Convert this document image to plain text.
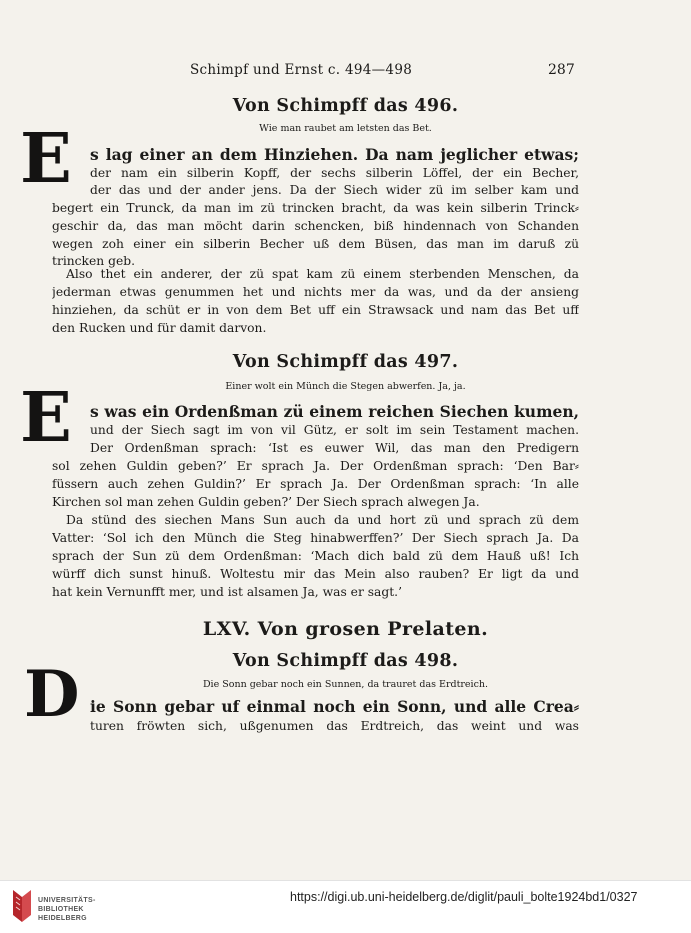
Schimpf und Ernst c. 494—498	287
Von Schimpff das 496.
Wie man raubet am letsten das Bet.
E s lag einer an dem Hinziehen. Da nam jeglicher etwas;
der nam ein silberin Kopff, der sechs silberin Löffel, der ein Becher,
der das und der ander jens. Da der Siech wider zü im selber kam und
begert ein Trunck, da man im zü trincken bracht, da was kein silberin Trinck⸗
geschir da, das man möcht darin schencken, biß hindennach von Schanden
wegen zoh einer ein silberin Becher uß dem Büsen, das man im daruß zü
trincken geb.
Also thet ein anderer, der zü spat kam zü einem sterbenden Menschen, da
jederman etwas genummen het und nichts mer da was, und da der ansieng
hinziehen, da schüt er in von dem Bet uff ein Strawsack und nam das Bet uff
den Rucken und für damit darvon.
Von Schimpff das 497.
Einer wolt ein Münch die Stegen abwerfen. Ja, ja.
E s was ein Ordenßman zü einem reichen Siechen kumen,
und der Siech sagt im von vil Gütz, er solt im sein Testament machen.
Der Ordenßman sprach: ‘Ist es euwer Wil, das man den Predigern
sol zehen Guldin geben?’ Er sprach Ja. Der Ordenßman sprach: ‘Den Bar⸗
füssern auch zehen Guldin?’ Er sprach Ja. Der Ordenßman sprach: ‘In alle
Kirchen sol man zehen Guldin geben?’ Der Siech sprach alwegen Ja.
Da stünd des siechen Mans Sun auch da und hort zü und sprach zü dem
Vatter: ‘Sol ich den Münch die Steg hinabwerffen?’ Der Siech sprach Ja. Da
sprach der Sun zü dem Ordenßman: ‘Mach dich bald zü dem Hauß uß! Ich
würff dich sunst hinuß. Woltestu mir das Mein also rauben? Er ligt da und
hat kein Vernunfft mer, und ist alsamen Ja, was er sagt.’
LXV. Von grosen Prelaten.
Von Schimpff das 498.
Die Sonn gebar noch ein Sunnen, da trauret das Erdtreich.
D ie Sonn gebar uf einmal noch ein Sonn, und alle Crea⸗
turen fröwten sich, ußgenumen das Erdtreich, das weint und was
UNIVERSITÄTS-
BIBLIOTHEK
HEIDELBERG
https://digi.ub.uni-heidelberg.de/diglit/pauli_bolte1924bd1/0327
